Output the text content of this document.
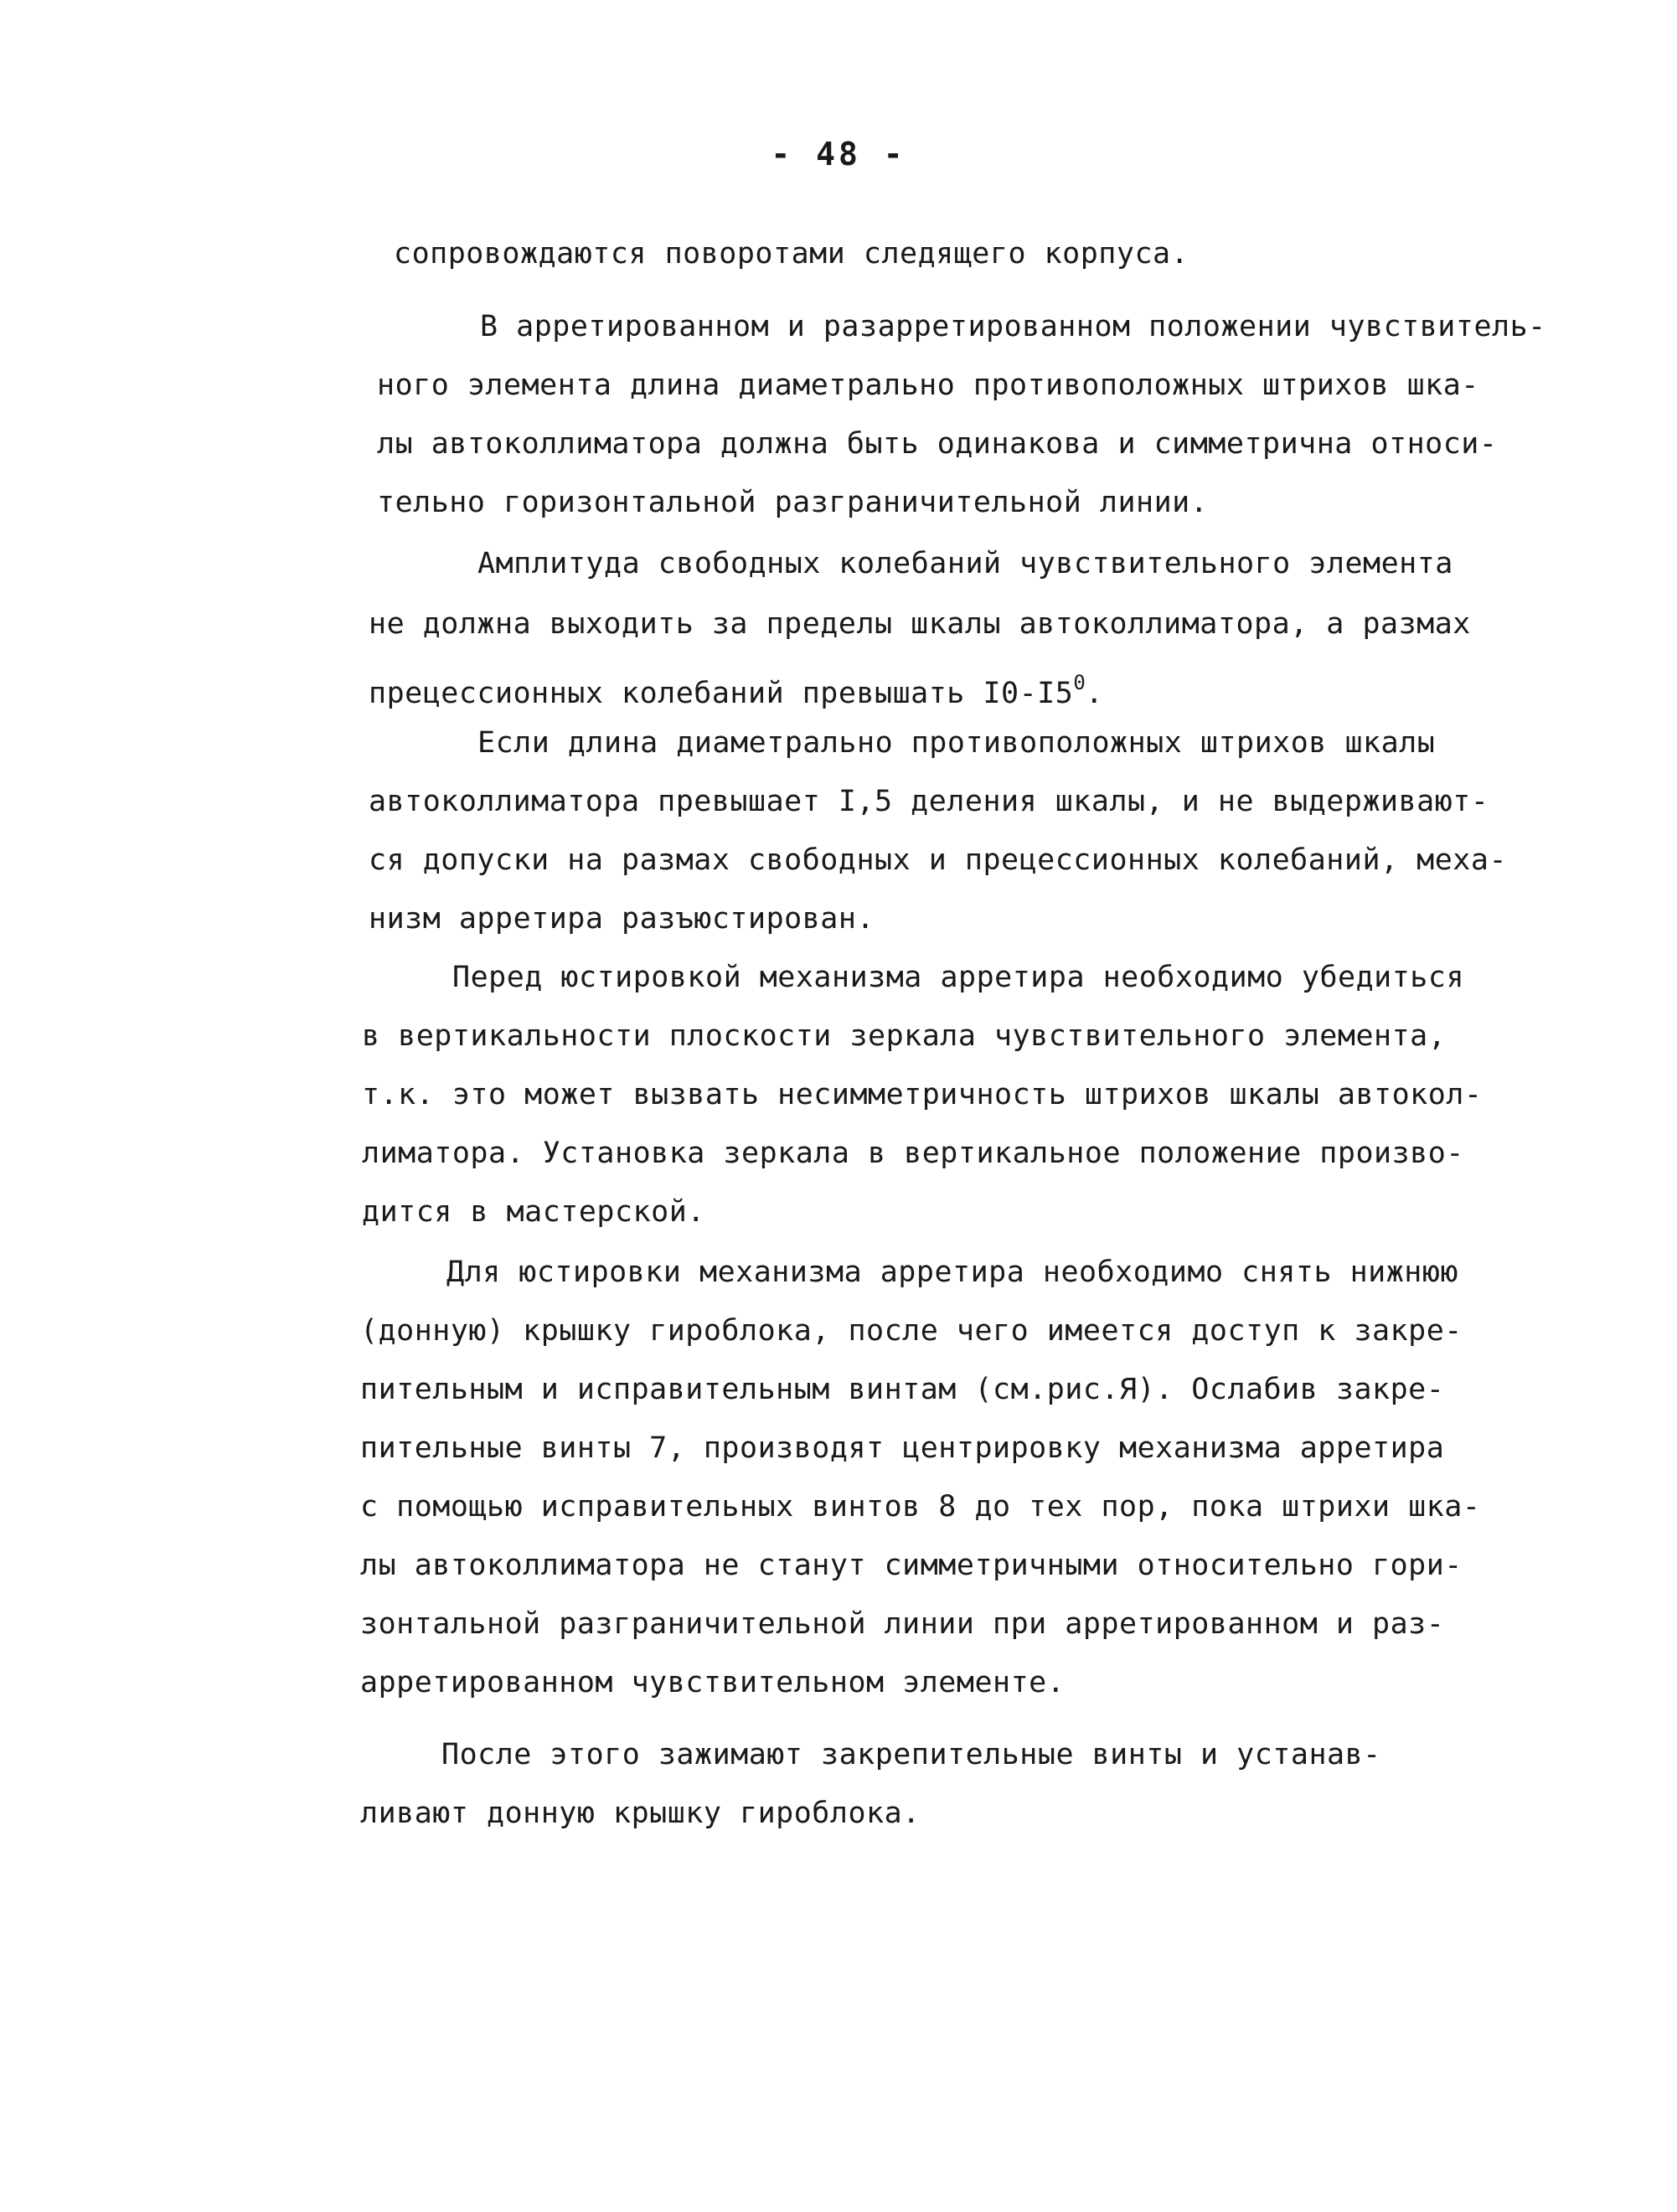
- 48 -
сопровождаются поворотами следящего корпуса.
В арретированном и разарретированном положении чувствитель-
ного элемента длина диаметрально противоположных штрихов шка-
лы автоколлиматора должна быть одинакова и симметрична относи-
тельно горизонтальной разграничительной линии.
Амплитуда свободных колебаний чувствительного элемента
не должна выходить за пределы шкалы автоколлиматора, а размах
прецессионных колебаний превышать $I0-I5^0$.
Если длина диаметрально противоположных штрихов шкалы
автоколлиматора превышает I,5 деления шкалы, и не выдерживают-
ся допуски на размах свободных и прецессионных колебаний, меха-
низм арретира разъюстирован.
Перед юстировкой механизма арретира необходимо убедиться
в вертикальности плоскости зеркала чувствительного элемента,
т.к. это может вызвать несимметричность штрихов шкалы автокол-
лиматора. Установка зеркала в вертикальное положение произво-
дится в мастерской.
Для юстировки механизма арретира необходимо снять нижнюю
(донную) крышку гироблока, после чего имеется доступ к закре-
пительным и исправительным винтам (см.рис.Я). Ослабив закре-
пительные винты 7, производят центрировку механизма арретира
с помощью исправительных винтов 8 до тех пор, пока штрихи шка-
лы автоколлиматора не станут симметричными относительно гори-
зонтальной разграничительной линии при арретированном и раз-
арретированном чувствительном элементе.
После этого зажимают закрепительные винты и устанав-
ливают донную крышку гироблока.
